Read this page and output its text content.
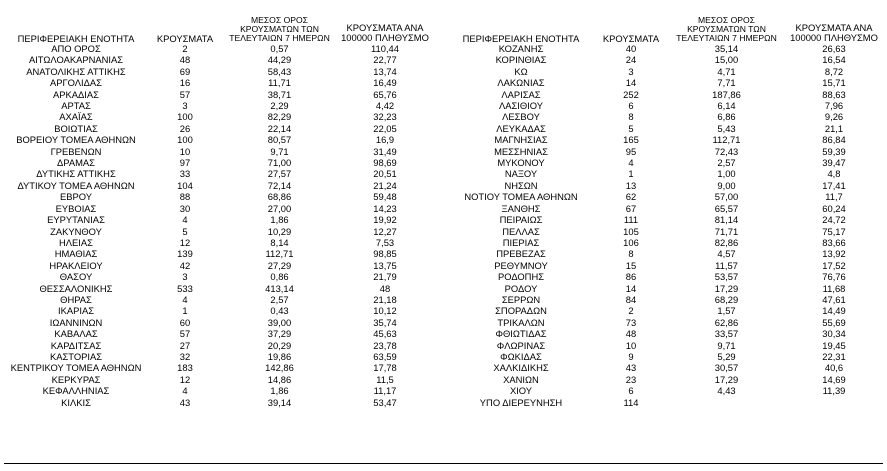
ΠΕΡΙΦΕΡΕΙΑΚΗ ΕΝΟΤΗΤΑ	ΚΡΟΥΣΜΑΤΑ	ΜΕΣΟΣ ΟΡΟΣ ΚΡΟΥΣΜΑΤΩΝ ΤΩΝ ΤΕΛΕΥΤΑΙΩΝ 7 ΗΜΕΡΩΝ	ΚΡΟΥΣΜΑΤΑ ΑΝΑ 100000 ΠΛΗΘΥΣΜΟ
ΑΠΟ ΟΡΟΣ	2	0,57	110,44
ΑΙΤΩΛΟΑΚΑΡΝΑΝΙΑΣ	48	44,29	22,77
ΑΝΑΤΟΛΙΚΗΣ ΑΤΤΙΚΗΣ	69	58,43	13,74
ΑΡΓΟΛΙΔΑΣ	16	11,71	16,49
ΑΡΚΑΔΙΑΣ	57	38,71	65,76
ΑΡΤΑΣ	3	2,29	4,42
ΑΧΑΪΑΣ	100	82,29	32,23
ΒΟΙΩΤΙΑΣ	26	22,14	22,05
ΒΟΡΕΙΟΥ ΤΟΜΕΑ ΑΘΗΝΩΝ	100	80,57	16,9
ΓΡΕΒΕΝΩΝ	10	9,71	31,49
ΔΡΑΜΑΣ	97	71,00	98,69
ΔΥΤΙΚΗΣ ΑΤΤΙΚΗΣ	33	27,57	20,51
ΔΥΤΙΚΟΥ ΤΟΜΕΑ ΑΘΗΝΩΝ	104	72,14	21,24
ΕΒΡΟΥ	88	68,86	59,48
ΕΥΒΟΙΑΣ	30	27,00	14,23
ΕΥΡΥΤΑΝΙΑΣ	4	1,86	19,92
ΖΑΚΥΝΘΟΥ	5	10,29	12,27
ΗΛΕΙΑΣ	12	8,14	7,53
ΗΜΑΘΙΑΣ	139	112,71	98,85
ΗΡΑΚΛΕΙΟΥ	42	27,29	13,75
ΘΑΣΟΥ	3	0,86	21,79
ΘΕΣΣΑΛΟΝΙΚΗΣ	533	413,14	48
ΘΗΡΑΣ	4	2,57	21,18
ΙΚΑΡΙΑΣ	1	0,43	10,12
ΙΩΑΝΝΙΝΩΝ	60	39,00	35,74
ΚΑΒΑΛΑΣ	57	37,29	45,63
ΚΑΡΔΙΤΣΑΣ	27	20,29	23,78
ΚΑΣΤΟΡΙΑΣ	32	19,86	63,59
ΚΕΝΤΡΙΚΟΥ ΤΟΜΕΑ ΑΘΗΝΩΝ	183	142,86	17,78
ΚΕΡΚΥΡΑΣ	12	14,86	11,5
ΚΕΦΑΛΛΗΝΙΑΣ	4	1,86	11,17
ΚΙΛΚΙΣ	43	39,14	53,47
ΠΕΡΙΦΕΡΕΙΑΚΗ ΕΝΟΤΗΤΑ	ΚΡΟΥΣΜΑΤΑ	ΜΕΣΟΣ ΟΡΟΣ ΚΡΟΥΣΜΑΤΩΝ ΤΩΝ ΤΕΛΕΥΤΑΙΩΝ 7 ΗΜΕΡΩΝ	ΚΡΟΥΣΜΑΤΑ ΑΝΑ 100000 ΠΛΗΘΥΣΜΟ
ΚΟΖΑΝΗΣ	40	35,14	26,63
ΚΟΡΙΝΘΙΑΣ	24	15,00	16,54
ΚΩ	3	4,71	8,72
ΛΑΚΩΝΙΑΣ	14	7,71	15,71
ΛΑΡΙΣΑΣ	252	187,86	88,63
ΛΑΣΙΘΙΟΥ	6	6,14	7,96
ΛΕΣΒΟΥ	8	6,86	9,26
ΛΕΥΚΑΔΑΣ	5	5,43	21,1
ΜΑΓΝΗΣΙΑΣ	165	112,71	86,84
ΜΕΣΣΗΝΙΑΣ	95	72,43	59,39
ΜΥΚΟΝΟΥ	4	2,57	39,47
ΝΑΞΟΥ	1	1,00	4,8
ΝΗΣΩΝ	13	9,00	17,41
ΝΟΤΙΟΥ ΤΟΜΕΑ ΑΘΗΝΩΝ	62	57,00	11,7
ΞΑΝΘΗΣ	67	65,57	60,24
ΠΕΙΡΑΙΩΣ	111	81,14	24,72
ΠΕΛΛΑΣ	105	71,71	75,17
ΠΙΕΡΙΑΣ	106	82,86	83,66
ΠΡΕΒΕΖΑΣ	8	4,57	13,92
ΡΕΘΥΜΝΟΥ	15	11,57	17,52
ΡΟΔΟΠΗΣ	86	53,57	76,76
ΡΟΔΟΥ	14	17,29	11,68
ΣΕΡΡΩΝ	84	68,29	47,61
ΣΠΟΡΑΔΩΝ	2	1,57	14,49
ΤΡΙΚΑΛΩΝ	73	62,86	55,69
ΦΘΙΩΤΙΔΑΣ	48	33,57	30,34
ΦΛΩΡΙΝΑΣ	10	9,71	19,45
ΦΩΚΙΔΑΣ	9	5,29	22,31
ΧΑΛΚΙΔΙΚΗΣ	43	30,57	40,6
ΧΑΝΙΩΝ	23	17,29	14,69
ΧΙΟΥ	6	4,43	11,39
ΥΠΟ ΔΙΕΡΕΥΝΗΣΗ	114		
